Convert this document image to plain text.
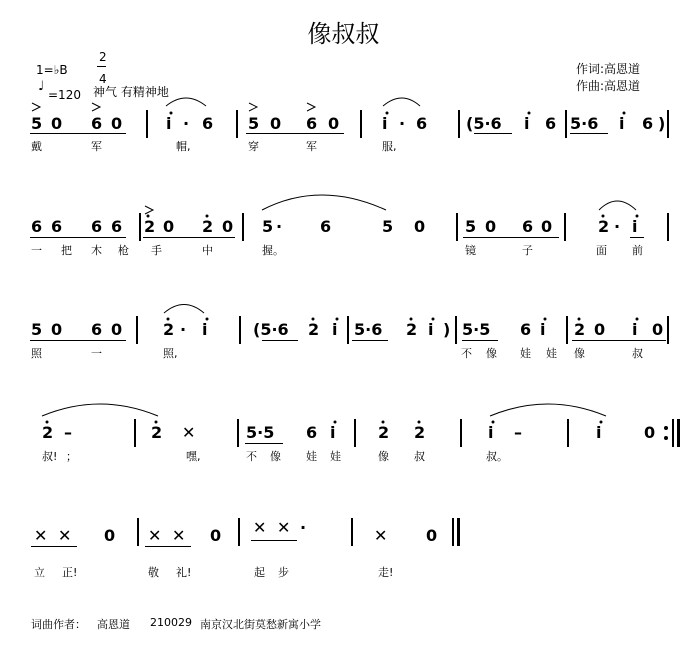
像叔叔
作词:高恩道
作曲:高恩道
1=♭B
2
4
♩
=120 神气 有精神地
5 0 6 0	i · 6 5 0 6 0	i · 6 (5·6 i 6 5·6 i 6 )
戴	军	帽,	穿	军	服,
6 6 6 6 2 0 2 0 5 · 6	5 0 5 0 6 0	2 · i
一 把 木 枪 手	中	握。	镜	子	面 前
5 0 6 0	2 · i	(5·6 2 i 5·6 2 i ) 5·5 6 i 2 0 i 0
照	一	照,	不 像 娃 娃 像	叔
2 –	2 ✕	5·5 6 i	2 2	i –	i	0
叔! ；	嘿,	不 像 娃 娃	像 叔	叔。
✕ ✕ 0 ✕ ✕ 0 ✕ ✕ ·	✕ 0
立 正!	敬 礼!	起 步	走!
词曲作者： 高恩道 210029 南京汉北街莫愁新寓小学
